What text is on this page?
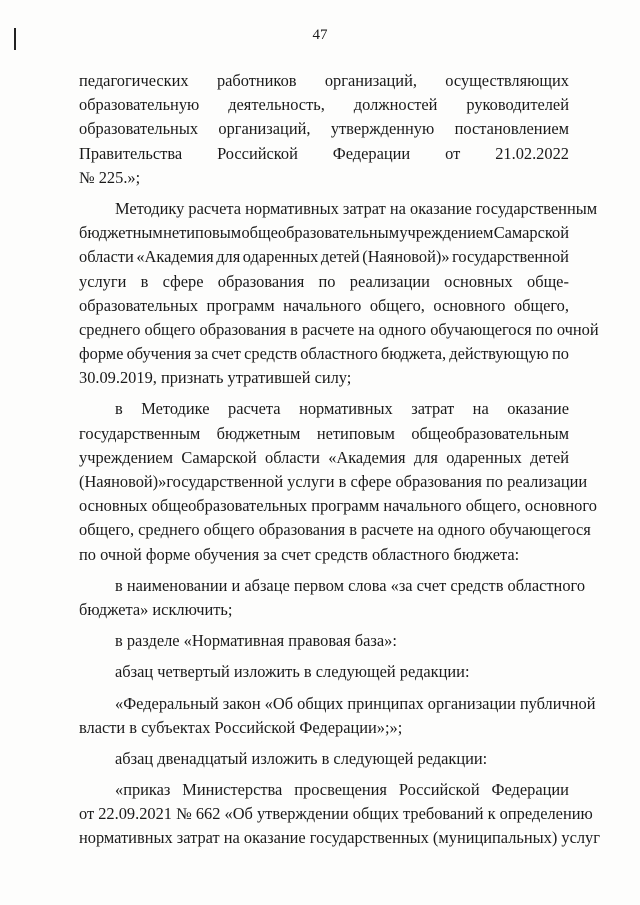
47
педагогических работников организаций, осуществляющих
образовательную деятельность, должностей руководителей
образовательных организаций, утвержденную постановлением
Правительства Российской Федерации от 21.02.2022
№ 225.»;
Методику расчета нормативных затрат на оказание государственным
бюджетным нетиповым общеобразовательным учреждением Самарской
области «Академия для одаренных детей (Наяновой)» государственной
услуги в сфере образования по реализации основных обще-
образовательных программ начального общего, основного общего,
среднего общего образования в расчете на одного обучающегося по очной
форме обучения за счет средств областного бюджета, действующую по
30.09.2019, признать утратившей силу;
в Методике расчета нормативных затрат на оказание
государственным бюджетным нетиповым общеобразовательным
учреждением Самарской области «Академия для одаренных детей
(Наяновой)» государственной услуги в сфере образования по реализации
основных общеобразовательных программ начального общего, основного
общего, среднего общего образования в расчете на одного обучающегося
по очной форме обучения за счет средств областного бюджета:
в наименовании и абзаце первом слова «за счет средств областного
бюджета» исключить;
в разделе «Нормативная правовая база»:
абзац четвертый изложить в следующей редакции:
«Федеральный закон «Об общих принципах организации публичной
власти в субъектах Российской Федерации»;»;
абзац двенадцатый изложить в следующей редакции:
«приказ Министерства просвещения Российской Федерации
от 22.09.2021 № 662 «Об утверждении общих требований к определению
нормативных затрат на оказание государственных (муниципальных) услуг
